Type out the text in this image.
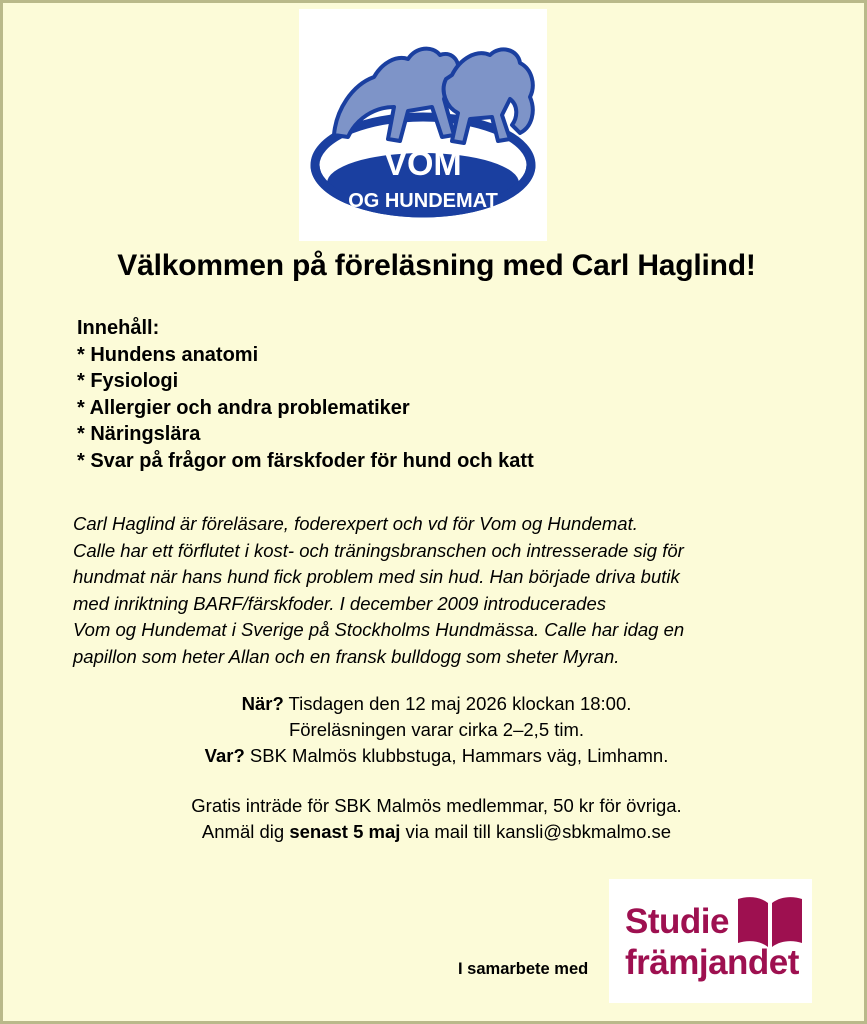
VOM
OG HUNDEMAT
Välkommen på föreläsning med Carl Haglind!
Innehåll:
* Hundens anatomi
* Fysiologi
* Allergier och andra problematiker
* Näringslära
* Svar på frågor om färskfoder för hund och katt
Carl Haglind är föreläsare, foderexpert och vd för Vom og Hundemat.
Calle har ett förflutet i kost- och träningsbranschen och intresserade sig för
hundmat när hans hund fick problem med sin hud. Han började driva butik
med inriktning BARF/färskfoder. I december 2009 introducerades
Vom og Hundemat i Sverige på Stockholms Hundmässa. Calle har idag en
papillon som heter Allan och en fransk bulldogg som sheter Myran.
När? Tisdagen den 12 maj 2026 klockan 18:00.
Föreläsningen varar cirka 2–2,5 tim.
Var? SBK Malmös klubbstuga, Hammars väg, Limhamn.
Gratis inträde för SBK Malmös medlemmar, 50 kr för övriga.
Anmäl dig senast 5 maj via mail till kansli@sbkmalmo.se
I samarbete med
Studie
främjandet
